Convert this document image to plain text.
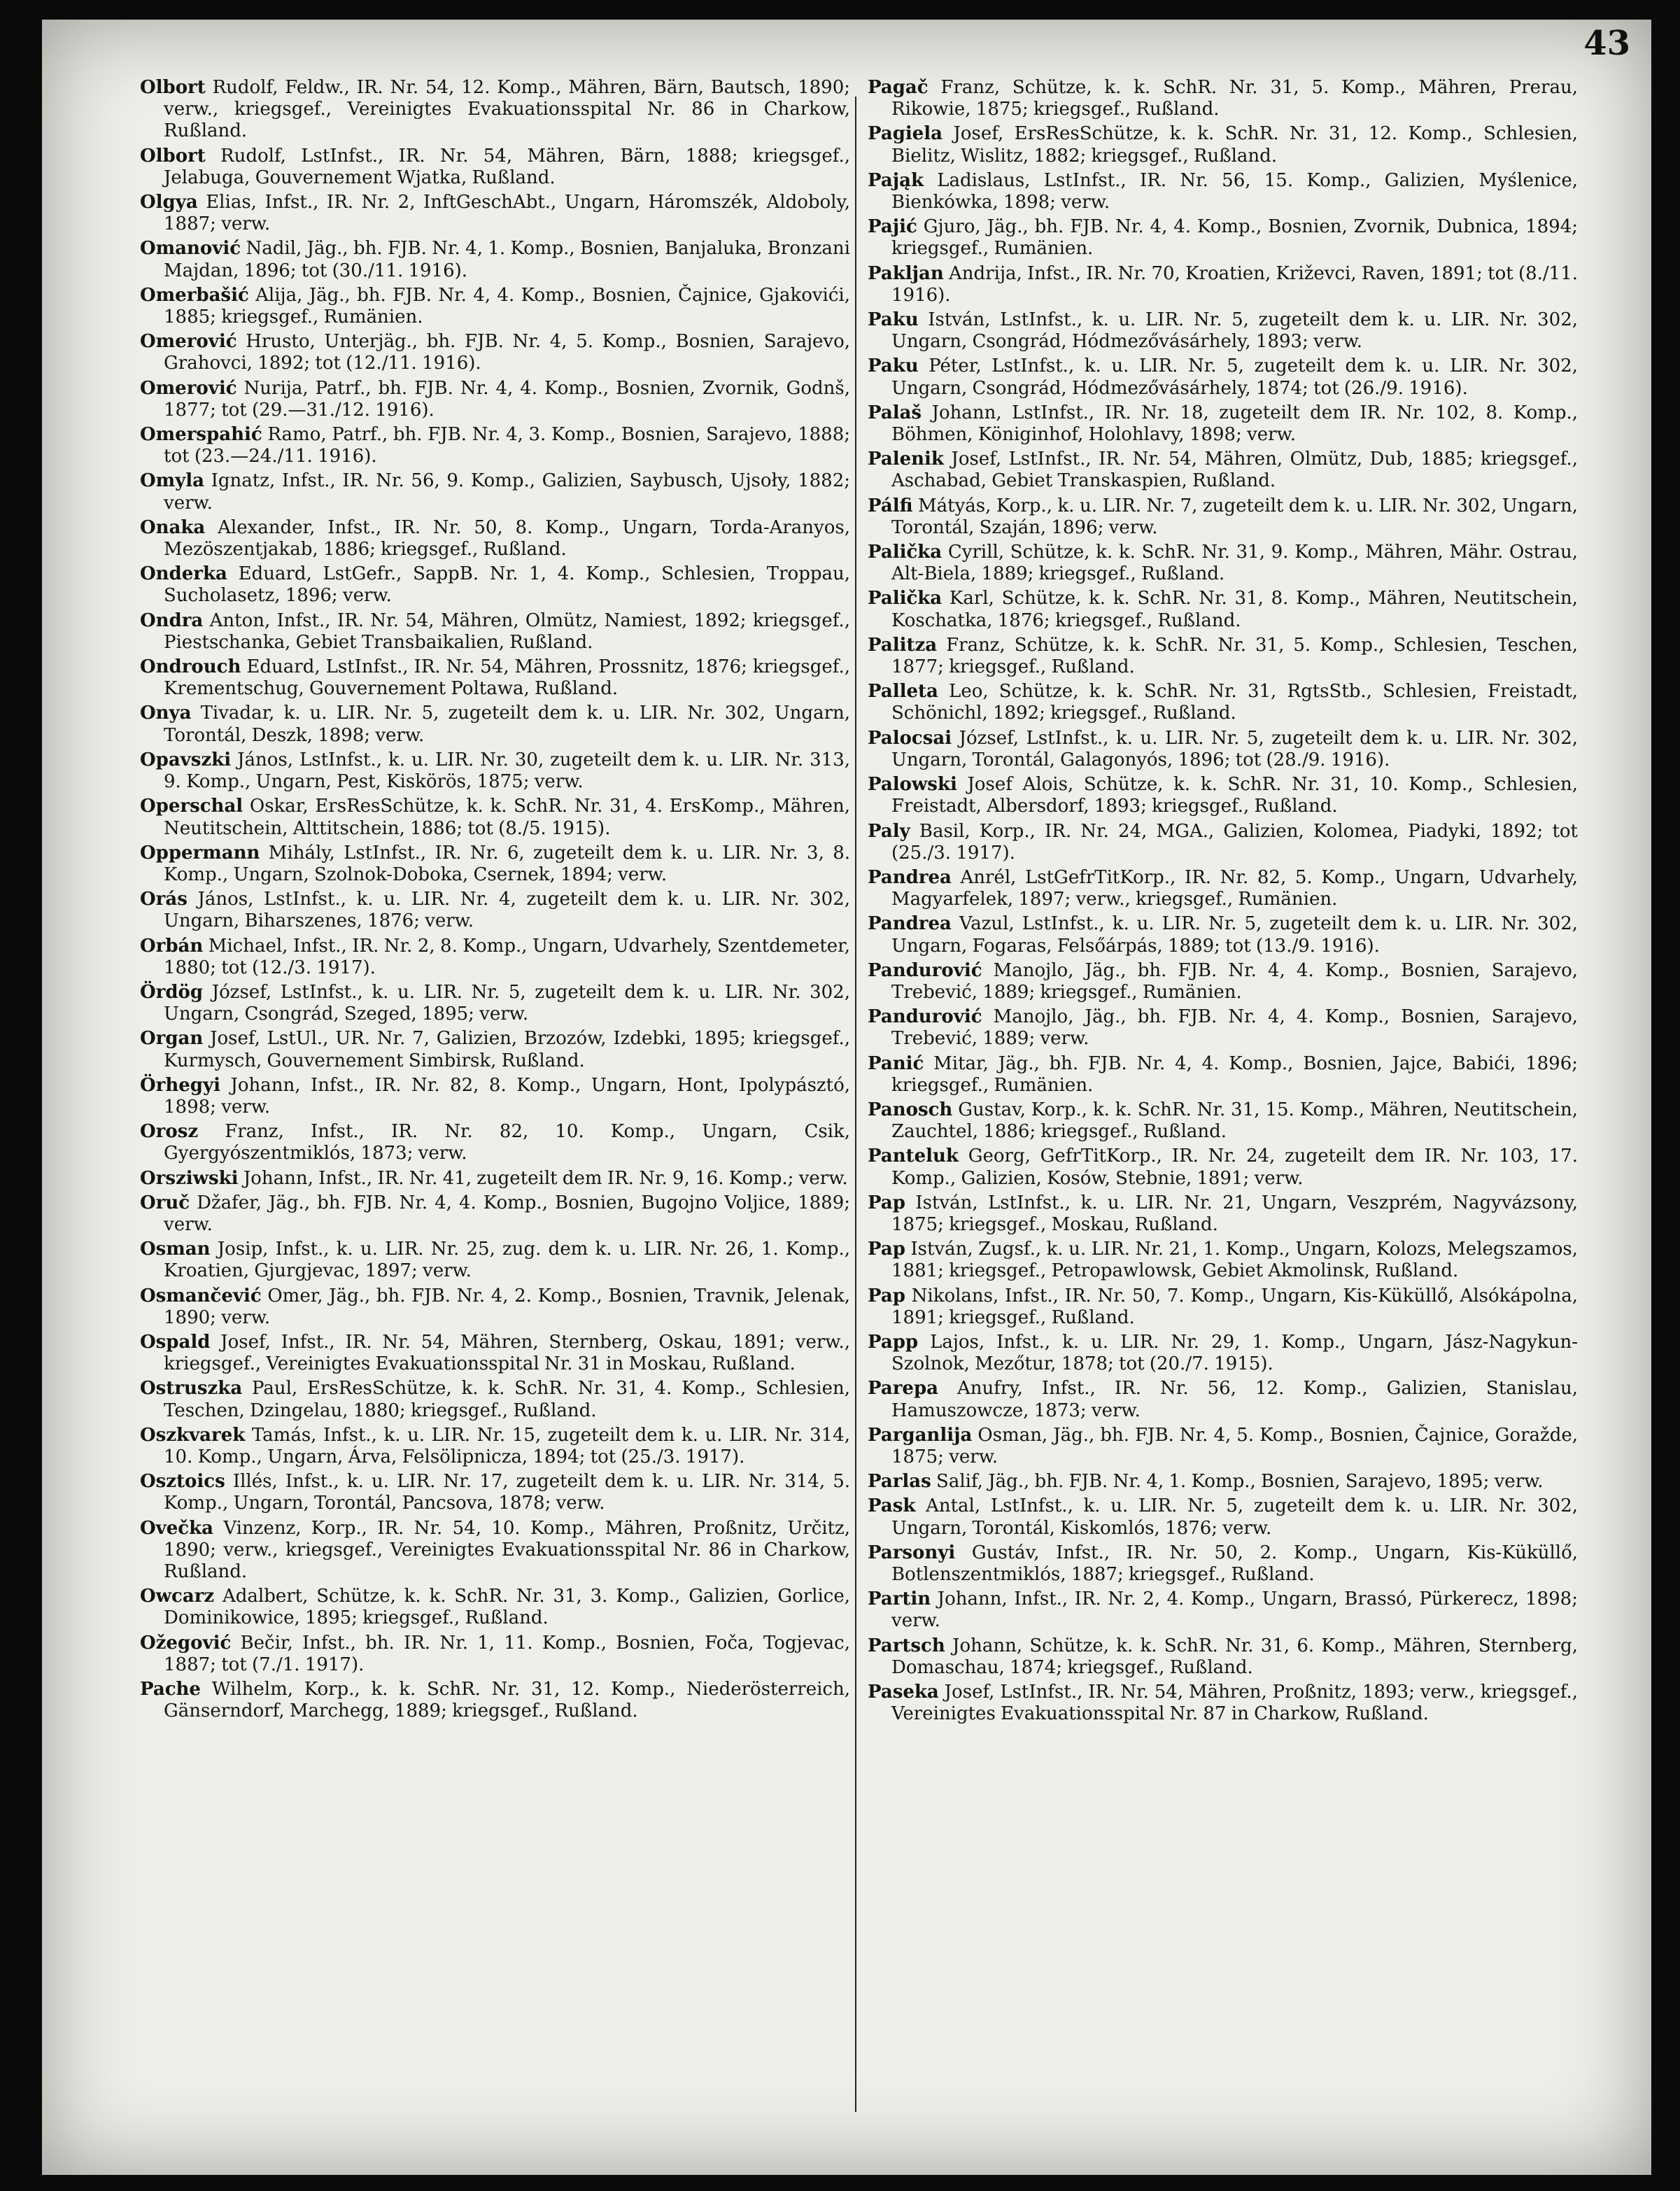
43
Olbort Rudolf, Feldw., IR. Nr. 54, 12. Komp., Mähren, Bärn, Bautsch, 1890; verw., kriegsgef., Vereinigtes Evakuationsspital Nr. 86 in Charkow, Rußland.
Olbort Rudolf, LstInfst., IR. Nr. 54, Mähren, Bärn, 1888; kriegsgef., Jelabuga, Gouvernement Wjatka, Rußland.
Olgya Elias, Infst., IR. Nr. 2, InftGeschAbt., Ungarn, Háromszék, Aldoboly, 1887; verw.
Omanović Nadil, Jäg., bh. FJB. Nr. 4, 1. Komp., Bosnien, Banjaluka, Bronzani Majdan, 1896; tot (30./11. 1916).
Omerbašić Alija, Jäg., bh. FJB. Nr. 4, 4. Komp., Bosnien, Čajnice, Gjakovići, 1885; kriegsgef., Rumänien.
Omerović Hrusto, Unterjäg., bh. FJB. Nr. 4, 5. Komp., Bosnien, Sarajevo, Grahovci, 1892; tot (12./11. 1916).
Omerović Nurija, Patrf., bh. FJB. Nr. 4, 4. Komp., Bosnien, Zvornik, Godnš, 1877; tot (29.—31./12. 1916).
Omerspahić Ramo, Patrf., bh. FJB. Nr. 4, 3. Komp., Bosnien, Sarajevo, 1888; tot (23.—24./11. 1916).
Omyla Ignatz, Infst., IR. Nr. 56, 9. Komp., Galizien, Saybusch, Ujsoły, 1882; verw.
Onaka Alexander, Infst., IR. Nr. 50, 8. Komp., Ungarn, Torda-Aranyos, Mezöszentjakab, 1886; kriegsgef., Rußland.
Onderka Eduard, LstGefr., SappB. Nr. 1, 4. Komp., Schlesien, Troppau, Sucholasetz, 1896; verw.
Ondra Anton, Infst., IR. Nr. 54, Mähren, Olmütz, Namiest, 1892; kriegsgef., Piestschanka, Gebiet Transbaikalien, Rußland.
Ondrouch Eduard, LstInfst., IR. Nr. 54, Mähren, Prossnitz, 1876; kriegsgef., Krementschug, Gouvernement Poltawa, Rußland.
Onya Tivadar, k. u. LIR. Nr. 5, zugeteilt dem k. u. LIR. Nr. 302, Ungarn, Torontál, Deszk, 1898; verw.
Opavszki János, LstInfst., k. u. LIR. Nr. 30, zugeteilt dem k. u. LIR. Nr. 313, 9. Komp., Ungarn, Pest, Kiskörös, 1875; verw.
Operschal Oskar, ErsResSchütze, k. k. SchR. Nr. 31, 4. ErsKomp., Mähren, Neutitschein, Alttitschein, 1886; tot (8./5. 1915).
Oppermann Mihály, LstInfst., IR. Nr. 6, zugeteilt dem k. u. LIR. Nr. 3, 8. Komp., Ungarn, Szolnok-Doboka, Csernek, 1894; verw.
Orás János, LstInfst., k. u. LIR. Nr. 4, zugeteilt dem k. u. LIR. Nr. 302, Ungarn, Biharszenes, 1876; verw.
Orbán Michael, Infst., IR. Nr. 2, 8. Komp., Ungarn, Udvarhely, Szentdemeter, 1880; tot (12./3. 1917).
Ördög József, LstInfst., k. u. LIR. Nr. 5, zugeteilt dem k. u. LIR. Nr. 302, Ungarn, Csongrád, Szeged, 1895; verw.
Organ Josef, LstUl., UR. Nr. 7, Galizien, Brzozów, Izdebki, 1895; kriegsgef., Kurmysch, Gouvernement Simbirsk, Rußland.
Örhegyi Johann, Infst., IR. Nr. 82, 8. Komp., Ungarn, Hont, Ipolypásztó, 1898; verw.
Orosz Franz, Infst., IR. Nr. 82, 10. Komp., Ungarn, Csik, Gyergyószentmiklós, 1873; verw.
Orsziwski Johann, Infst., IR. Nr. 41, zugeteilt dem IR. Nr. 9, 16. Komp.; verw.
Oruč Džafer, Jäg., bh. FJB. Nr. 4, 4. Komp., Bosnien, Bugojno Voljice, 1889; verw.
Osman Josip, Infst., k. u. LIR. Nr. 25, zug. dem k. u. LIR. Nr. 26, 1. Komp., Kroatien, Gjurgjevac, 1897; verw.
Osmančević Omer, Jäg., bh. FJB. Nr. 4, 2. Komp., Bosnien, Travnik, Jelenak, 1890; verw.
Ospald Josef, Infst., IR. Nr. 54, Mähren, Sternberg, Oskau, 1891; verw., kriegsgef., Vereinigtes Evakuationsspital Nr. 31 in Moskau, Rußland.
Ostruszka Paul, ErsResSchütze, k. k. SchR. Nr. 31, 4. Komp., Schlesien, Teschen, Dzingelau, 1880; kriegsgef., Rußland.
Oszkvarek Tamás, Infst., k. u. LIR. Nr. 15, zugeteilt dem k. u. LIR. Nr. 314, 10. Komp., Ungarn, Árva, Felsölipnicza, 1894; tot (25./3. 1917).
Osztoics Illés, Infst., k. u. LIR. Nr. 17, zugeteilt dem k. u. LIR. Nr. 314, 5. Komp., Ungarn, Torontál, Pancsova, 1878; verw.
Ovečka Vinzenz, Korp., IR. Nr. 54, 10. Komp., Mähren, Proßnitz, Určitz, 1890; verw., kriegsgef., Vereinigtes Evakuationsspital Nr. 86 in Charkow, Rußland.
Owcarz Adalbert, Schütze, k. k. SchR. Nr. 31, 3. Komp., Galizien, Gorlice, Dominikowice, 1895; kriegsgef., Rußland.
Ožegović Bečir, Infst., bh. IR. Nr. 1, 11. Komp., Bosnien, Foča, Togjevac, 1887; tot (7./1. 1917).
Pache Wilhelm, Korp., k. k. SchR. Nr. 31, 12. Komp., Niederösterreich, Gänserndorf, Marchegg, 1889; kriegsgef., Rußland.
Pagač Franz, Schütze, k. k. SchR. Nr. 31, 5. Komp., Mähren, Prerau, Rikowie, 1875; kriegsgef., Rußland.
Pagiela Josef, ErsResSchütze, k. k. SchR. Nr. 31, 12. Komp., Schlesien, Bielitz, Wislitz, 1882; kriegsgef., Rußland.
Pająk Ladislaus, LstInfst., IR. Nr. 56, 15. Komp., Galizien, Myślenice, Bienkówka, 1898; verw.
Pajić Gjuro, Jäg., bh. FJB. Nr. 4, 4. Komp., Bosnien, Zvornik, Dubnica, 1894; kriegsgef., Rumänien.
Pakljan Andrija, Infst., IR. Nr. 70, Kroatien, Križevci, Raven, 1891; tot (8./11. 1916).
Paku István, LstInfst., k. u. LIR. Nr. 5, zugeteilt dem k. u. LIR. Nr. 302, Ungarn, Csongrád, Hódmezővásárhely, 1893; verw.
Paku Péter, LstInfst., k. u. LIR. Nr. 5, zugeteilt dem k. u. LIR. Nr. 302, Ungarn, Csongrád, Hódmezővásárhely, 1874; tot (26./9. 1916).
Palaš Johann, LstInfst., IR. Nr. 18, zugeteilt dem IR. Nr. 102, 8. Komp., Böhmen, Königinhof, Holohlavy, 1898; verw.
Palenik Josef, LstInfst., IR. Nr. 54, Mähren, Olmütz, Dub, 1885; kriegsgef., Aschabad, Gebiet Transkaspien, Rußland.
Pálfi Mátyás, Korp., k. u. LIR. Nr. 7, zugeteilt dem k. u. LIR. Nr. 302, Ungarn, Torontál, Szaján, 1896; verw.
Palička Cyrill, Schütze, k. k. SchR. Nr. 31, 9. Komp., Mähren, Mähr. Ostrau, Alt-Biela, 1889; kriegsgef., Rußland.
Palička Karl, Schütze, k. k. SchR. Nr. 31, 8. Komp., Mähren, Neutitschein, Koschatka, 1876; kriegsgef., Rußland.
Palitza Franz, Schütze, k. k. SchR. Nr. 31, 5. Komp., Schlesien, Teschen, 1877; kriegsgef., Rußland.
Palleta Leo, Schütze, k. k. SchR. Nr. 31, RgtsStb., Schlesien, Freistadt, Schönichl, 1892; kriegsgef., Rußland.
Palocsai József, LstInfst., k. u. LIR. Nr. 5, zugeteilt dem k. u. LIR. Nr. 302, Ungarn, Torontál, Galagonyós, 1896; tot (28./9. 1916).
Palowski Josef Alois, Schütze, k. k. SchR. Nr. 31, 10. Komp., Schlesien, Freistadt, Albersdorf, 1893; kriegsgef., Rußland.
Paly Basil, Korp., IR. Nr. 24, MGA., Galizien, Kolomea, Piadyki, 1892; tot (25./3. 1917).
Pandrea Anrél, LstGefrTitKorp., IR. Nr. 82, 5. Komp., Ungarn, Udvarhely, Magyarfelek, 1897; verw., kriegsgef., Rumänien.
Pandrea Vazul, LstInfst., k. u. LIR. Nr. 5, zugeteilt dem k. u. LIR. Nr. 302, Ungarn, Fogaras, Felsőárpás, 1889; tot (13./9. 1916).
Pandurović Manojlo, Jäg., bh. FJB. Nr. 4, 4. Komp., Bosnien, Sarajevo, Trebević, 1889; kriegsgef., Rumänien.
Pandurović Manojlo, Jäg., bh. FJB. Nr. 4, 4. Komp., Bosnien, Sarajevo, Trebević, 1889; verw.
Panić Mitar, Jäg., bh. FJB. Nr. 4, 4. Komp., Bosnien, Jajce, Babići, 1896; kriegsgef., Rumänien.
Panosch Gustav, Korp., k. k. SchR. Nr. 31, 15. Komp., Mähren, Neutitschein, Zauchtel, 1886; kriegsgef., Rußland.
Panteluk Georg, GefrTitKorp., IR. Nr. 24, zugeteilt dem IR. Nr. 103, 17. Komp., Galizien, Kosów, Stebnie, 1891; verw.
Pap István, LstInfst., k. u. LIR. Nr. 21, Ungarn, Veszprém, Nagyvázsony, 1875; kriegsgef., Moskau, Rußland.
Pap István, Zugsf., k. u. LIR. Nr. 21, 1. Komp., Ungarn, Kolozs, Melegszamos, 1881; kriegsgef., Petropawlowsk, Gebiet Akmolinsk, Rußland.
Pap Nikolans, Infst., IR. Nr. 50, 7. Komp., Ungarn, Kis-Küküllő, Alsókápolna, 1891; kriegsgef., Rußland.
Papp Lajos, Infst., k. u. LIR. Nr. 29, 1. Komp., Ungarn, Jász-Nagykun-Szolnok, Mezőtur, 1878; tot (20./7. 1915).
Parepa Anufry, Infst., IR. Nr. 56, 12. Komp., Galizien, Stanislau, Hamuszowcze, 1873; verw.
Parganlija Osman, Jäg., bh. FJB. Nr. 4, 5. Komp., Bosnien, Čajnice, Goražde, 1875; verw.
Parlas Salif, Jäg., bh. FJB. Nr. 4, 1. Komp., Bosnien, Sarajevo, 1895; verw.
Pask Antal, LstInfst., k. u. LIR. Nr. 5, zugeteilt dem k. u. LIR. Nr. 302, Ungarn, Torontál, Kiskomlós, 1876; verw.
Parsonyi Gustáv, Infst., IR. Nr. 50, 2. Komp., Ungarn, Kis-Küküllő, Botlenszentmiklós, 1887; kriegsgef., Rußland.
Partin Johann, Infst., IR. Nr. 2, 4. Komp., Ungarn, Brassó, Pürkerecz, 1898; verw.
Partsch Johann, Schütze, k. k. SchR. Nr. 31, 6. Komp., Mähren, Sternberg, Domaschau, 1874; kriegsgef., Rußland.
Paseka Josef, LstInfst., IR. Nr. 54, Mähren, Proßnitz, 1893; verw., kriegsgef., Vereinigtes Evakuationsspital Nr. 87 in Charkow, Rußland.
